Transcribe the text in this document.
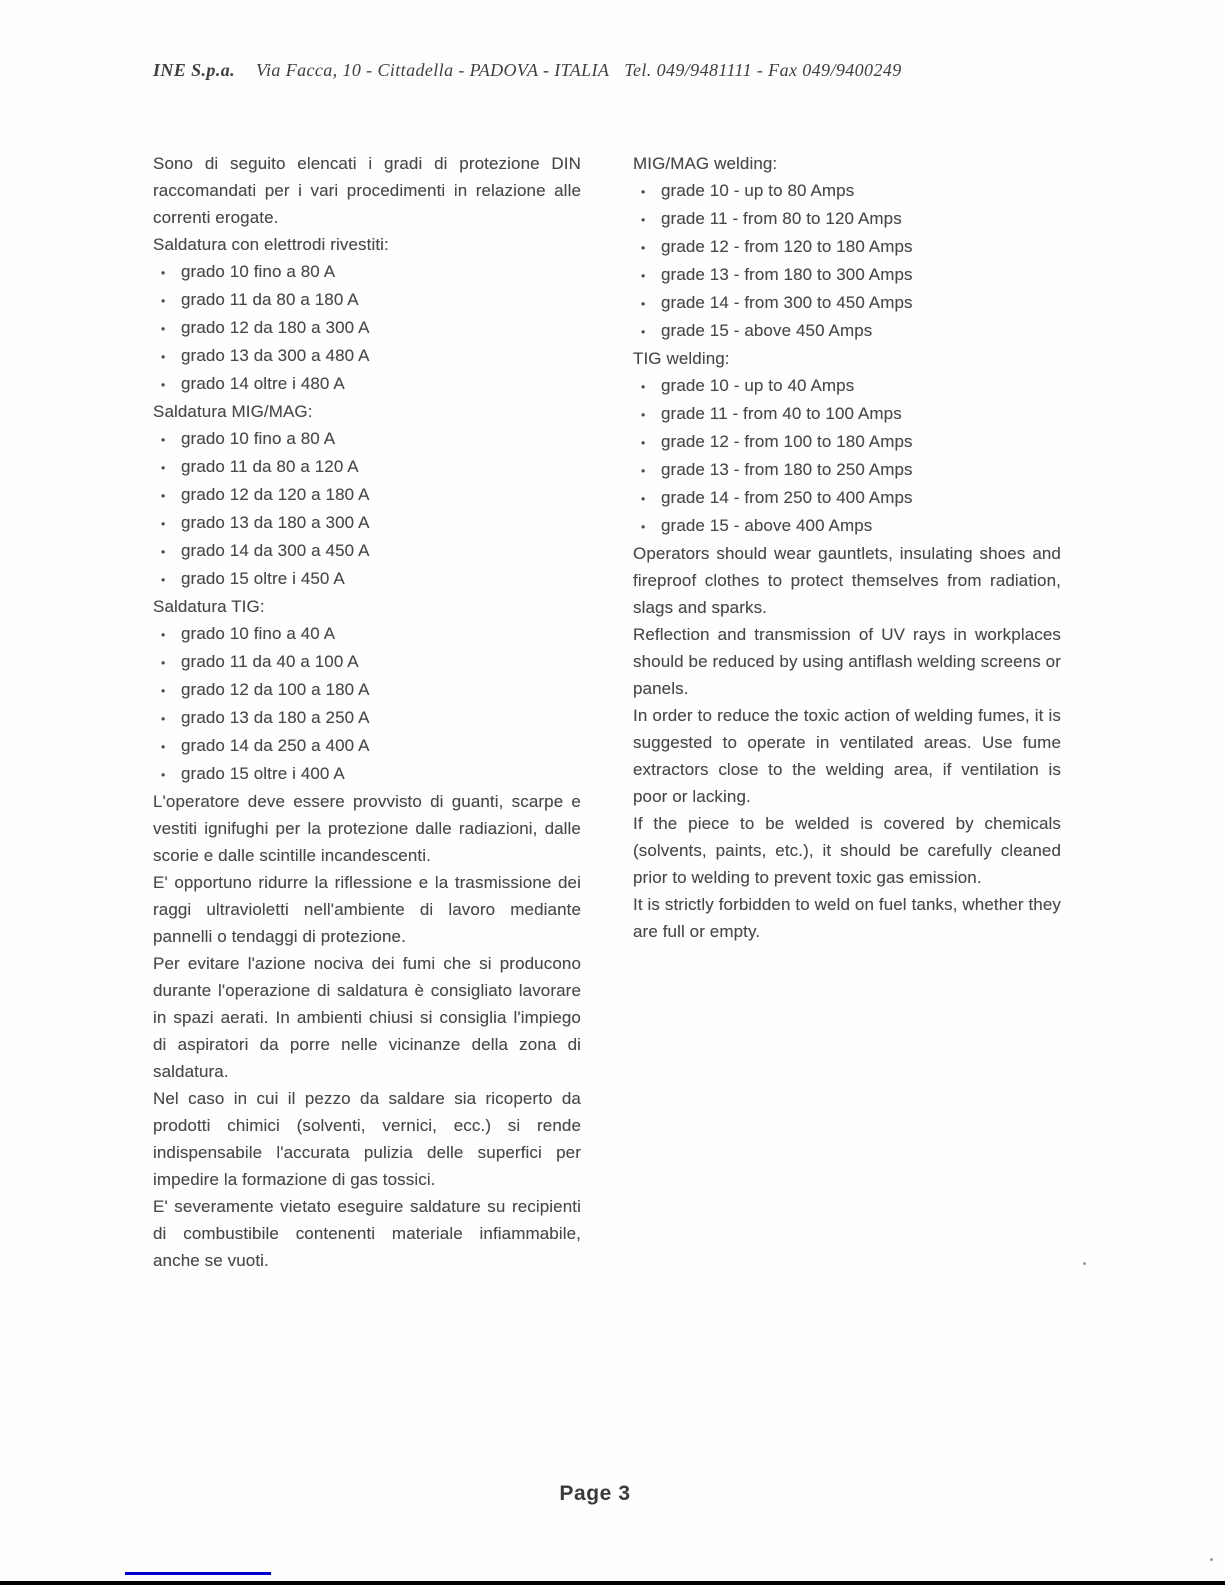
INE S.p.a. Via Facca, 10 - Cittadella - PADOVA - ITALIA Tel. 049/9481111 - Fax 049/9400249

Sono di seguito elencati i gradi di protezione DIN raccomandati per i vari procedimenti in relazione alle correnti erogate.

Saldatura con elettrodi rivestiti:
• grado 10 fino a 80 A
• grado 11 da 80 a 180 A
• grado 12 da 180 a 300 A
• grado 13 da 300 a 480 A
• grado 14 oltre i 480 A
Saldatura MIG/MAG:
• grado 10 fino a 80 A
• grado 11 da 80 a 120 A
• grado 12 da 120 a 180 A
• grado 13 da 180 a 300 A
• grado 14 da 300 a 450 A
• grado 15 oltre i 450 A
Saldatura TIG:
• grado 10 fino a 40 A
• grado 11 da 40 a 100 A
• grado 12 da 100 a 180 A
• grado 13 da 180 a 250 A
• grado 14 da 250 a 400 A
• grado 15 oltre i 400 A

L'operatore deve essere provvisto di guanti, scarpe e vestiti ignifughi per la protezione dalle radiazioni, dalle scorie e dalle scintille incandescenti.

E' opportuno ridurre la riflessione e la trasmissione dei raggi ultravioletti nell'ambiente di lavoro mediante pannelli o tendaggi di protezione.

Per evitare l'azione nociva dei fumi che si producono durante l'operazione di saldatura è consigliato lavorare in spazi aerati. In ambienti chiusi si consiglia l'impiego di aspiratori da porre nelle vicinanze della zona di saldatura.

Nel caso in cui il pezzo da saldare sia ricoperto da prodotti chimici (solventi, vernici, ecc.) si rende indispensabile l'accurata pulizia delle superfici per impedire la formazione di gas tossici.

E' severamente vietato eseguire saldature su recipienti di combustibile contenenti materiale infiammabile, anche se vuoti.

MIG/MAG welding:
• grade 10 - up to 80 Amps
• grade 11 - from 80 to 120 Amps
• grade 12 - from 120 to 180 Amps
• grade 13 - from 180 to 300 Amps
• grade 14 - from 300 to 450 Amps
• grade 15 - above 450 Amps
TIG welding:
• grade 10 - up to 40 Amps
• grade 11 - from 40 to 100 Amps
• grade 12 - from 100 to 180 Amps
• grade 13 - from 180 to 250 Amps
• grade 14 - from 250 to 400 Amps
• grade 15 - above 400 Amps

Operators should wear gauntlets, insulating shoes and fireproof clothes to protect themselves from radiation, slags and sparks.

Reflection and transmission of UV rays in workplaces should be reduced by using antiflash welding screens or panels.

In order to reduce the toxic action of welding fumes, it is suggested to operate in ventilated areas. Use fume extractors close to the welding area, if ventilation is poor or lacking.

If the piece to be welded is covered by chemicals (solvents, paints, etc.), it should be carefully cleaned prior to welding to prevent toxic gas emission.

It is strictly forbidden to weld on fuel tanks, whether they are full or empty.

Page 3
